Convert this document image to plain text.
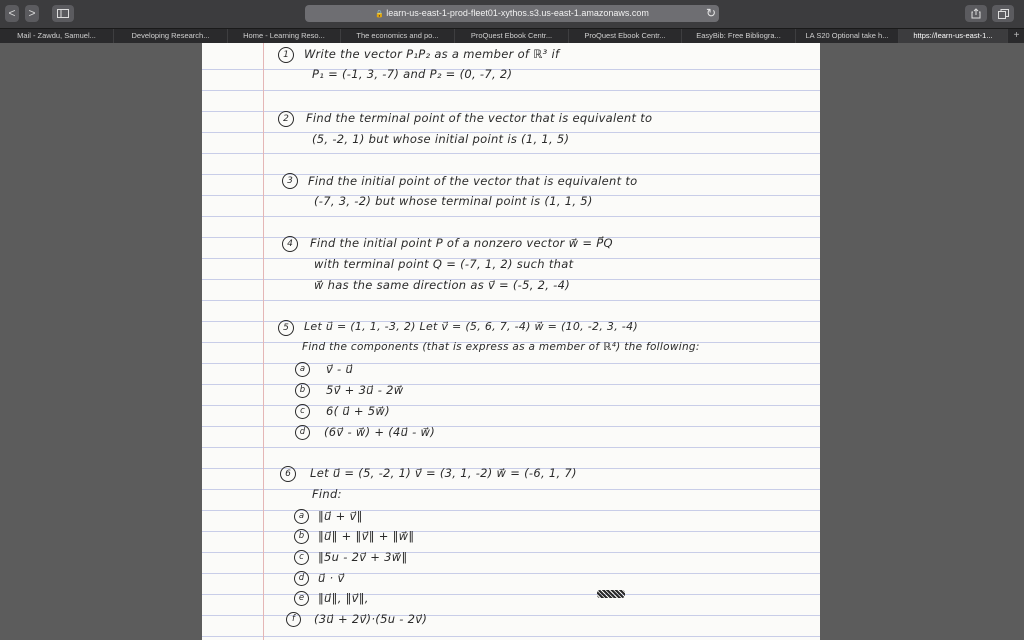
< >	🔒 learn-us-east-1-prod-fleet01-xythos.s3.us-east-1.amazonaws.com	↻
Mail - Zawdu, Samuel...	Developing Research...	Home - Learning Reso...	The economics and po...	ProQuest Ebook Centr...	ProQuest Ebook Centr...	EasyBib: Free Bibliogra...	LA S20 Optional take h...	https://learn-us-east-1...	+
1	Write the vector P₁P₂ as a member of ℝ³ if
P₁ = (-1, 3, -7) and P₂ = (0, -7, 2)
2	Find the terminal point of the vector that is equivalent to
(5, -2, 1) but whose initial point is (1, 1, 5)
3	Find the initial point of the vector that is equivalent to
(-7, 3, -2) but whose terminal point is (1, 1, 5)
4	Find the initial point P of a nonzero vector w⃗ = P⃗Q
with terminal point Q = (-7, 1, 2) such that
w⃗ has the same direction as v⃗ = (-5, 2, -4)
5	Let u⃗ = (1, 1, -3, 2) Let v⃗ = (5, 6, 7, -4) w⃗ = (10, -2, 3, -4)
Find the components (that is express as a member of ℝ⁴) the following:
a	v⃗ - u⃗
b	5v⃗ + 3u⃗ - 2w⃗
c	6( u⃗ + 5w⃗)
d	(6v⃗ - w⃗) + (4u⃗ - w⃗)
6	Let u⃗ = (5, -2, 1) v⃗ = (3, 1, -2) w⃗ = (-6, 1, 7)
Find:
a	‖u⃗ + v⃗‖
b	‖u⃗‖ + ‖v⃗‖ + ‖w⃗‖
c	‖5u - 2v⃗ + 3w⃗‖
d	u⃗ · v⃗
e	‖u⃗‖, ‖v⃗‖,
f	(3u⃗ + 2v⃗)·(5u - 2v⃗)
